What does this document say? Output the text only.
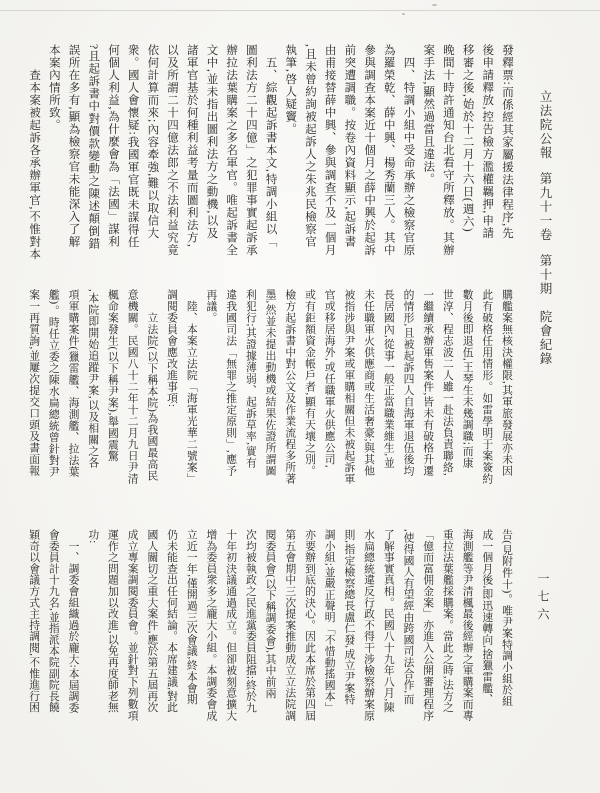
立法院公報第九十一卷第十期院會紀錄
一七六
發釋票:而係經其家屬援法律程序,先
後申請釋放,控告檢方濫權羈押,申請
移審之後,始於十二月十六日(週六)
晚間十時許通知台北看守所釋放。其辦
案手法,顯然過當且違法。
　四、特調小組中受命承辦之檢察官原
為羅榮乾、薛中興、楊秀蘭三人。其中
參與調查本案近十個月之薛中興於起訴
前突遭調職。按卷內資料顯示,起訴書
由甫接替薛中興、參與調查不及一個月
,且未曾約詢被起訴人之朱兆民檢察官
執筆,啓人疑竇。
　五、綜觀起訴書本文,特調小組以「
圖利法方二十四億」之犯罪事實起訴承
辦拉法葉購案之多名軍官。唯起訴書全
文中,並未指出圖利法方之動機,以及
諸軍官基於何種利益考量而圖利法方,
以及所謂二十四億法郎之不法利益究竟
依何計算而來;內容牽強,難以取信大
衆。國人會懷疑:我國軍官既未謀得任
何個人利益,為什麼會為「法國」謀利
?且起訴書中對價款變動之陳述顛倒錯
誤所在多有,顯為檢察官未能深入了解
本案內情所致。
　　查本案被起訴各承辦軍官,不惟對本
購艦案無核決權限,其軍旅發展亦未因
此有破格任用情形。如雷學明于案簽約
數月後即退伍,王琴生未幾調職;而康
世淳、程志波二人雖一赴法負責聯絡,
一繼續承辦軍售案件,皆未有破格升遷
的情形,且被起訴四人自海軍退伍後均
長居國內,從事一般正當職業維生,並
未任職軍火供應商或生活奢豪;與其他
被指涉與尹案或軍購相關但未被起訴軍
官或移居海外,或任職軍火供應公司,
或有鉅額資金帳戶者,顯有天壤之別。
檢方起訴書中對公文及作業流程多所著
墨,然並未提出動機或結果佐證所謂圖
利犯行;其證據薄弱、起訴草率,實有
違我國司法「無罪之推定原則」,應予
再議。
　陸、本案立法院「海軍光華二號案」
調閱委員會應改進事項:
　　立法院(以下稱本院)為我國最高民
意機關。民國八十二年十二月九日尹清
楓命案發生(以下稱尹案),舉國震驚
,本院即開始追蹤尹案,以及相關之各
項軍購案件(獵雷艦、海測艦、拉法葉
艦)。時任立委之陳水扁總統曾針對尹
案一再質詢,並屢次提交口頭及書面報
告(見附件十)。唯尹案特調小組於組
成一個月後,即迅速轉向,捨獵雷艦、
海測艦等尹清楓最後經辦之軍購案而專
重拉法葉艦採購案。當此之時,法方之
「億而富佣金案」亦進入公開審理程序
,使得國人有望經由跨國司法合作,而
了解事實真相。民國八十九年八月,陳
水扁總統違反行政不得干涉檢察辦案原
則,指定檢察總長盧仁發,成立尹案特
調小組;並嚴正聲明「不惜動搖國本」
亦要辦到底的決心。因此本席於第四屆
第五會期中三次提案推動成立立法院調
閱委員會(以下稱調委會),其中前兩
次均被執政之民進黨委員阻擋;終於九
十年初決議通過成立。但卻被刻意擴大
增為委員衆多之龐大小組。本調委會成
立近一年,僅開過三次會議,終本會期
仍未能查出任何結論。本席建議,對此
國人關切之重大案件,應於第五屆再次
成立專案調閱委員會。並針對下列數項
運作之問題加以改進,以免再度師老無
功:
　一、調委會組織過於龐大:本屆調委
會委員計十九名,並指派本院副院長饒
穎奇以會議方式主持調閱,不惟進行困
